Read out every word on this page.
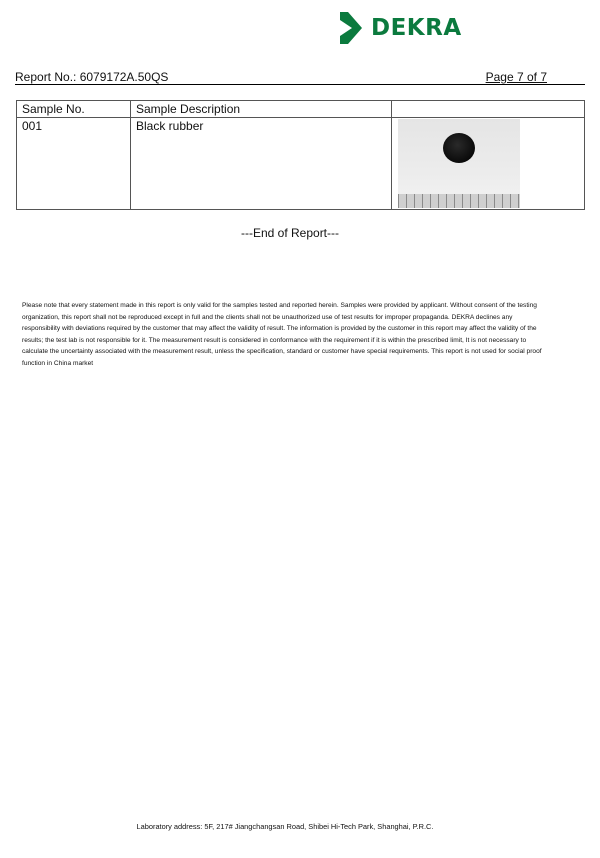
DEKRA
Report No.: 6079172A.50QS	Page 7 of 7
Sample No.	Sample Description	
001	Black rubber	
---End of Report---
Please note that every statement made in this report is only valid for the samples tested and reported herein. Samples were provided by applicant. Without consent of the testing organization, this report shall not be reproduced except in full and the clients shall not be unauthorized use of test results for improper propaganda. DEKRA declines any responsibility with deviations required by the customer that may affect the validity of result. The information is provided by the customer in this report may affect the validity of the results; the test lab is not responsible for it. The measurement result is considered in conformance with the requirement if it is within the prescribed limit, It is not necessary to calculate the uncertainty associated with the measurement result, unless the specification, standard or customer have special requirements. This report is not used for social proof function in China market
Laboratory address: 5F, 217# Jiangchangsan Road, Shibei Hi-Tech Park, Shanghai, P.R.C.
